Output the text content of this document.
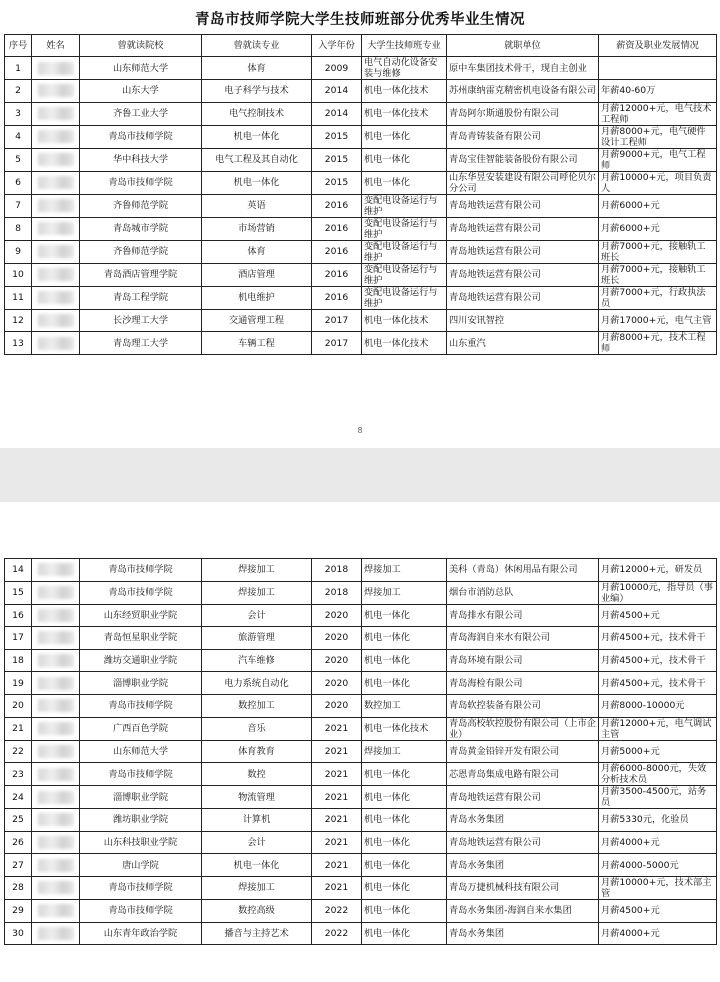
青岛市技师学院大学生技师班部分优秀毕业生情况
序号	姓名	曾就读院校	曾就读专业	入学年份	大学生技师班专业	就职单位	薪资及职业发展情况
1		山东师范大学	体育	2009	电气自动化设备安装与维修	原中车集团技术骨干，现自主创业	
2		山东大学	电子科学与技术	2014	机电一体化技术	苏州康纳雷克精密机电设备有限公司	年薪40-60万
3		齐鲁工业大学	电气控制技术	2014	机电一体化技术	青岛阿尔斯通股份有限公司	月薪12000+元，电气技术工程师
4		青岛市技师学院	机电一体化	2015	机电一体化	青岛青铸装备有限公司	月薪8000+元，电气硬件设计工程师
5		华中科技大学	电气工程及其自动化	2015	机电一体化	青岛宝佳智能装备股份有限公司	月薪9000+元，电气工程师
6		青岛市技师学院	机电一体化	2015	机电一体化	山东华昱安装建设有限公司呼伦贝尔分公司	月薪10000+元，项目负责人
7		齐鲁师范学院	英语	2016	变配电设备运行与维护	青岛地铁运营有限公司	月薪6000+元
8		青岛城市学院	市场营销	2016	变配电设备运行与维护	青岛地铁运营有限公司	月薪6000+元
9		齐鲁师范学院	体育	2016	变配电设备运行与维护	青岛地铁运营有限公司	月薪7000+元，接触轨工班长
10		青岛酒店管理学院	酒店管理	2016	变配电设备运行与维护	青岛地铁运营有限公司	月薪7000+元，接触轨工班长
11		青岛工程学院	机电维护	2016	变配电设备运行与维护	青岛地铁运营有限公司	月薪7000+元，行政执法员
12		长沙理工大学	交通管理工程	2017	机电一体化技术	四川安讯智控	月薪17000+元，电气主管
13		青岛理工大学	车辆工程	2017	机电一体化技术	山东重汽	月薪8000+元，技术工程师
8
14		青岛市技师学院	焊接加工	2018	焊接加工	美科（青岛）休闲用品有限公司	月薪12000+元，研发员
15		青岛市技师学院	焊接加工	2018	焊接加工	烟台市消防总队	月薪10000元，指导员（事业编）
16		山东经贸职业学院	会计	2020	机电一体化	青岛排水有限公司	月薪4500+元
17		青岛恒星职业学院	旅游管理	2020	机电一体化	青岛海润自来水有限公司	月薪4500+元，技术骨干
18		潍坊交通职业学院	汽车维修	2020	机电一体化	青岛环境有限公司	月薪4500+元，技术骨干
19		淄博职业学院	电力系统自动化	2020	机电一体化	青岛海检有限公司	月薪4500+元，技术骨干
20		青岛市技师学院	数控加工	2020	数控加工	青岛软控装备有限公司	月薪8000-10000元
21		广西百色学院	音乐	2021	机电一体化技术	青岛高校软控股份有限公司（上市企业）	月薪12000+元，电气调试主管
22		山东师范大学	体育教育	2021	焊接加工	青岛黄金铅锌开发有限公司	月薪5000+元
23		青岛市技师学院	数控	2021	机电一体化	芯恩青岛集成电路有限公司	月薪6000-8000元，失效分析技术员
24		淄博职业学院	物流管理	2021	机电一体化	青岛地铁运营有限公司	月薪3500-4500元，站务员
25		潍坊职业学院	计算机	2021	机电一体化	青岛水务集团	月薪5330元，化验员
26		山东科技职业学院	会计	2021	机电一体化	青岛地铁运营有限公司	月薪4000+元
27		唐山学院	机电一体化	2021	机电一体化	青岛水务集团	月薪4000-5000元
28		青岛市技师学院	焊接加工	2021	机电一体化	青岛万捷机械科技有限公司	月薪10000+元，技术部主管
29		青岛市技师学院	数控高级	2022	机电一体化	青岛水务集团-海润自来水集团	月薪4500+元
30		山东青年政治学院	播音与主持艺术	2022	机电一体化	青岛水务集团	月薪4000+元
